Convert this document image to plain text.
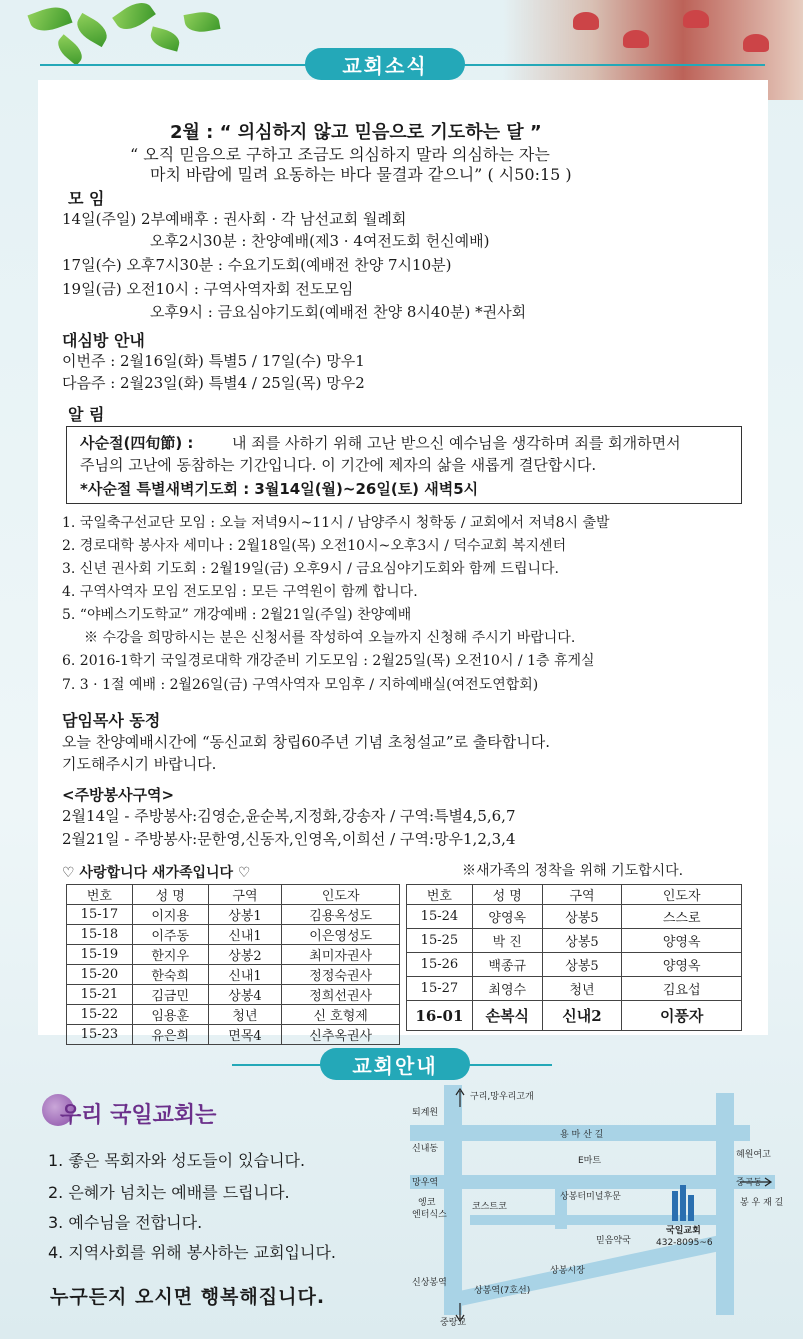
교회소식
2월 : “ 의심하지 않고 믿음으로 기도하는 달 ”
“ 오직 믿음으로 구하고 조금도 의심하지 말라 의심하는 자는
마치 바람에 밀려 요동하는 바다 물결과 같으니” ( 시50:15 )
모 임
14일(주일) 2부예배후 : 권사회 · 각 남선교회 월례회
오후2시30분 : 찬양예배(제3 · 4여전도회 헌신예배)
17일(수) 오후7시30분 : 수요기도회(예배전 찬양 7시10분)
19일(금) 오전10시 : 구역사역자회 전도모임
오후9시 : 금요심야기도회(예배전 찬양 8시40분) *권사회
대심방 안내
이번주 : 2월16일(화) 특별5 / 17일(수) 망우1
다음주 : 2월23일(화) 특별4 / 25일(목) 망우2
알 림
사순절(四旬節) :	내 죄를 사하기 위해 고난 받으신 예수님을 생각하며 죄를 회개하면서
주님의 고난에 동참하는 기간입니다. 이 기간에 제자의 삶을 새롭게 결단합시다.
*사순절 특별새벽기도회 : 3월14일(월)~26일(토) 새벽5시
1. 국일축구선교단 모임 : 오늘 저녁9시~11시 / 남양주시 청학동 / 교회에서 저녁8시 출발
2. 경로대학 봉사자 세미나 : 2월18일(목) 오전10시~오후3시 / 덕수교회 복지센터
3. 신년 권사회 기도회 : 2월19일(금) 오후9시 / 금요심야기도회와 함께 드립니다.
4. 구역사역자 모임 전도모임 : 모든 구역원이 함께 합니다.
5. “야베스기도학교” 개강예배 : 2월21일(주일) 찬양예배
※ 수강을 희망하시는 분은 신청서를 작성하여 오늘까지 신청해 주시기 바랍니다.
6. 2016-1학기 국일경로대학 개강준비 기도모임 : 2월25일(목) 오전10시 / 1층 휴게실
7. 3 · 1절 예배 : 2월26일(금) 구역사역자 모임후 / 지하예배실(여전도연합회)
담임목사 동정
오늘 찬양예배시간에 “동신교회 창립60주년 기념 초청설교”로 출타합니다.
기도해주시기 바랍니다.
<주방봉사구역>
2월14일 - 주방봉사:김영순,윤순복,지정화,강송자 / 구역:특별4,5,6,7
2월21일 - 주방봉사:문한영,신동자,인영옥,이희선 / 구역:망우1,2,3,4
♡ 사랑합니다 새가족입니다 ♡	※새가족의 정착을 위해 기도합시다.
번호	성 명	구역	인도자
15-17	이지용	상봉1	김용옥성도
15-18	이주동	신내1	이은영성도
15-19	한지우	상봉2	최미자권사
15-20	한숙희	신내1	정정숙권사
15-21	김금민	상봉4	정희선권사
15-22	임용훈	청년	신 호형제
15-23	유은희	면목4	신추옥권사
번호	성 명	구역	인도자
15-24	양영옥	상봉5	스스로
15-25	박 진	상봉5	양영옥
15-26	백종규	상봉5	양영옥
15-27	최영수	청년	김요섭
16-01	손복식	신내2	이풍자
교회안내
우리 국일교회는
1. 좋은 목회자와 성도들이 있습니다.
2. 은혜가 넘치는 예배를 드립니다.
3. 예수님을 전합니다.
4. 지역사회를 위해 봉사하는 교회입니다.
누구든지 오시면 행복해집니다.
구리,망우리고개
퇴계원
용 마 산 길
신내동
E마트
혜원여고
망우역	중곡동
엥코
엔터식스
코스트코
상봉터미널후문
믿음약국
국일교회
432-8095~6
봉 우 재 길
상봉시장
신상봉역
상봉역(7호선)
중랑교
